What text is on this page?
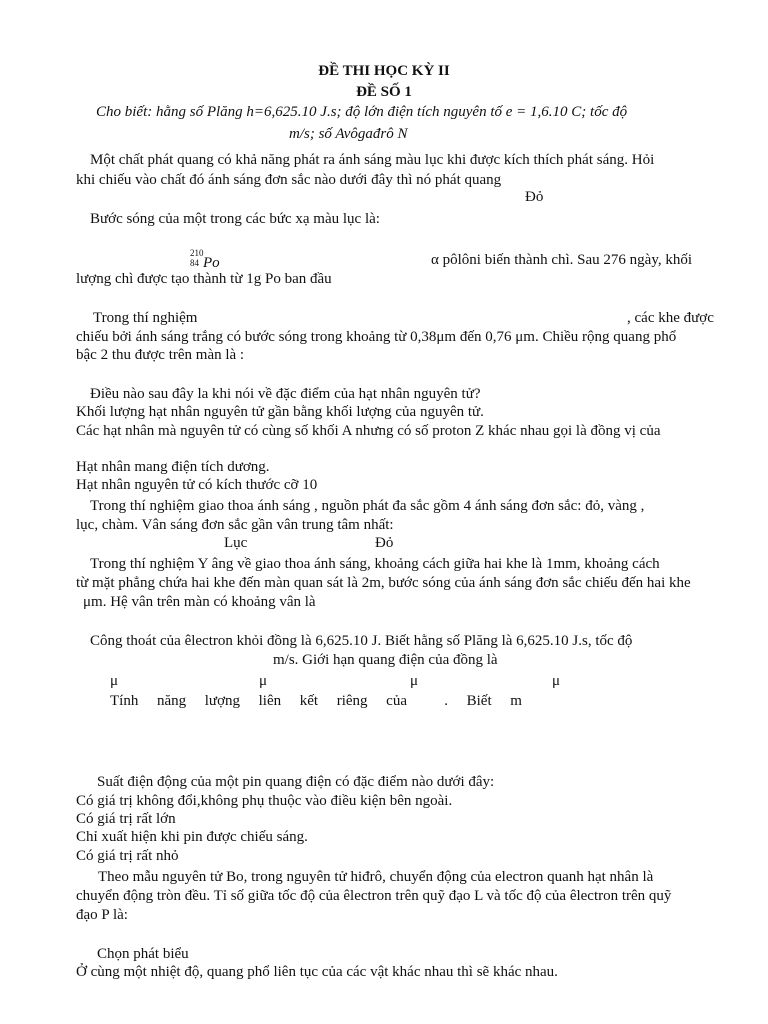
ĐỀ THI HỌC KỲ II
ĐỀ SỐ 1
Cho biết: hằng số Plăng h=6,625.10 J.s; độ lớn điện tích nguyên tố e = 1,6.10 C; tốc độ
m/s; số Avôgađrô N
Một chất phát quang có khả năng phát ra ánh sáng màu lục khi được kích thích phát sáng. Hỏi
khi chiếu vào chất đó ánh sáng đơn sắc nào dưới đây thì nó phát quang
Đỏ
Bước sóng của một trong các bức xạ màu lục là:
210
84 Po	α pôlôni biến thành chì. Sau 276 ngày, khối
lượng chì được tạo thành từ 1g Po ban đầu
Trong thí nghiệm	, các khe được
chiếu bởi ánh sáng trắng có bước sóng trong khoảng từ 0,38μm đến 0,76 μm. Chiều rộng quang phổ
bậc 2 thu được trên màn là :
Điều nào sau đây la khi nói về đặc điểm của hạt nhân nguyên tử?
Khối lượng hạt nhân nguyên tử gần bằng khối lượng của nguyên tử.
Các hạt nhân mà nguyên tử có cùng số khối A nhưng có số proton Z khác nhau gọi là đồng vị của
Hạt nhân mang điện tích dương.
Hạt nhân nguyên tử có kích thước cỡ 10
Trong thí nghiệm giao thoa ánh sáng , nguồn phát đa sắc gồm 4 ánh sáng đơn sắc: đỏ, vàng ,
lục, chàm. Vân sáng đơn sắc gần vân trung tâm nhất:
Lục	Đỏ
Trong thí nghiệm Y âng về giao thoa ánh sáng, khoảng cách giữa hai khe là 1mm, khoảng cách
từ mặt phẳng chứa hai khe đến màn quan sát là 2m, bước sóng của ánh sáng đơn sắc chiếu đến hai khe
μm. Hệ vân trên màn có khoảng vân là
Công thoát của êlectron khỏi đồng là 6,625.10 J. Biết hằng số Plăng là 6,625.10 J.s, tốc độ
m/s. Giới hạn quang điện của đồng là
μ	μ	μ	μ
Tính năng lượng liên kết riêng của . Biết m
Suất điện động của một pin quang điện có đặc điểm nào dưới đây:
Có giá trị không đổi,không phụ thuộc vào điều kiện bên ngoài.
Có giá trị rất lớn
Chỉ xuất hiện khi pin được chiếu sáng.
Có giá trị rất nhỏ
Theo mẫu nguyên tử Bo, trong nguyên tử hiđrô, chuyển động của electron quanh hạt nhân là
chuyển động tròn đều. Tỉ số giữa tốc độ của êlectron trên quỹ đạo L và tốc độ của êlectron trên quỹ
đạo P là:
Chọn phát biểu
Ở cùng một nhiệt độ, quang phổ liên tục của các vật khác nhau thì sẽ khác nhau.
